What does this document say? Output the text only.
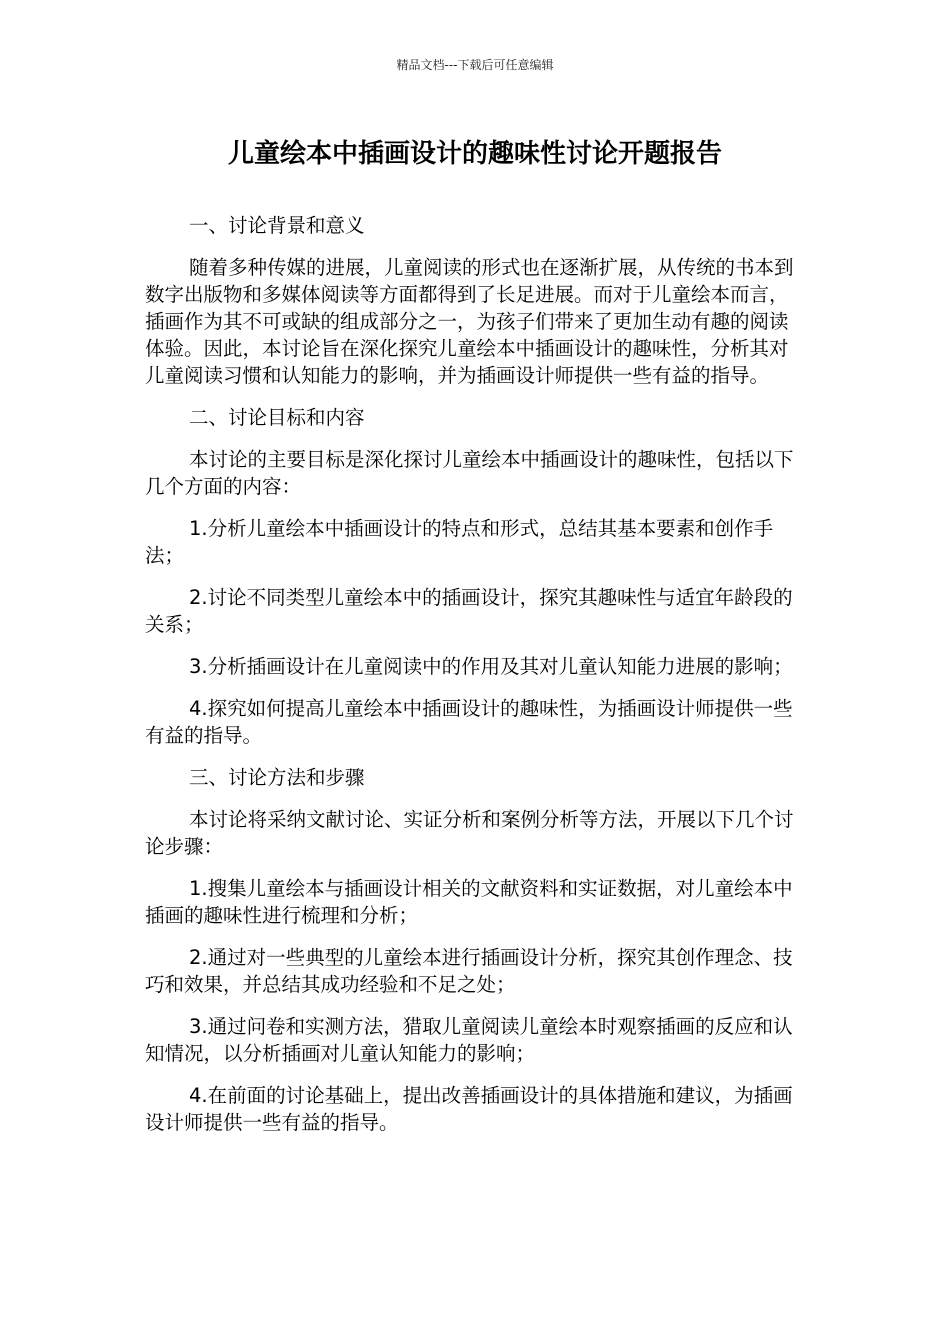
精品文档---下载后可任意编辑
儿童绘本中插画设计的趣味性讨论开题报告

一、讨论背景和意义

随着多种传媒的进展，儿童阅读的形式也在逐渐扩展，从传统的书本到数字出版物和多媒体阅读等方面都得到了长足进展。而对于儿童绘本而言，插画作为其不可或缺的组成部分之一，为孩子们带来了更加生动有趣的阅读体验。因此，本讨论旨在深化探究儿童绘本中插画设计的趣味性，分析其对儿童阅读习惯和认知能力的影响，并为插画设计师提供一些有益的指导。

二、讨论目标和内容

本讨论的主要目标是深化探讨儿童绘本中插画设计的趣味性，包括以下几个方面的内容：

1.分析儿童绘本中插画设计的特点和形式，总结其基本要素和创作手法；

2.讨论不同类型儿童绘本中的插画设计，探究其趣味性与适宜年龄段的关系；

3.分析插画设计在儿童阅读中的作用及其对儿童认知能力进展的影响；

4.探究如何提高儿童绘本中插画设计的趣味性，为插画设计师提供一些有益的指导。

三、讨论方法和步骤

本讨论将采纳文献讨论、实证分析和案例分析等方法，开展以下几个讨论步骤：

1.搜集儿童绘本与插画设计相关的文献资料和实证数据，对儿童绘本中插画的趣味性进行梳理和分析；

2.通过对一些典型的儿童绘本进行插画设计分析，探究其创作理念、技巧和效果，并总结其成功经验和不足之处；

3.通过问卷和实测方法，猎取儿童阅读儿童绘本时观察插画的反应和认知情况，以分析插画对儿童认知能力的影响；

4.在前面的讨论基础上，提出改善插画设计的具体措施和建议，为插画设计师提供一些有益的指导。
